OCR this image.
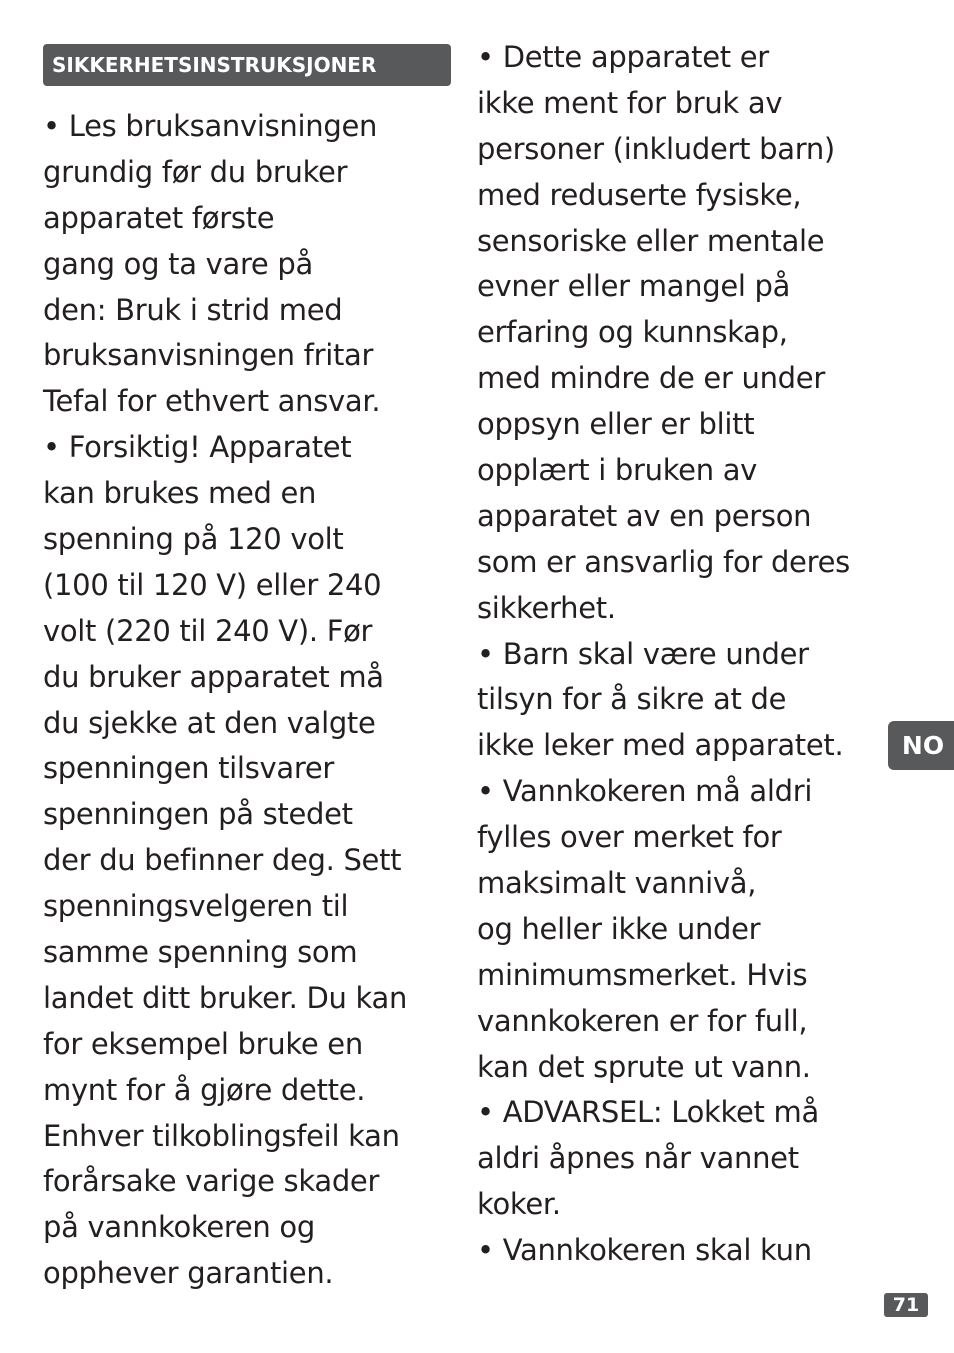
SIKKERHETSINSTRUKSJONER
• Les bruksanvisningen
grundig før du bruker
apparatet første
gang og ta vare på
den: Bruk i strid med
bruksanvisningen fritar
Tefal for ethvert ansvar.
• Forsiktig! Apparatet
kan brukes med en
spenning på 120 volt
(100 til 120 V) eller 240
volt (220 til 240 V). Før
du bruker apparatet må
du sjekke at den valgte
spenningen tilsvarer
spenningen på stedet
der du befinner deg. Sett
spenningsvelgeren til
samme spenning som
landet ditt bruker. Du kan
for eksempel bruke en
mynt for å gjøre dette.
Enhver tilkoblingsfeil kan
forårsake varige skader
på vannkokeren og
opphever garantien.
• Dette apparatet er
ikke ment for bruk av
personer (inkludert barn)
med reduserte fysiske,
sensoriske eller mentale
evner eller mangel på
erfaring og kunnskap,
med mindre de er under
oppsyn eller er blitt
opplært i bruken av
apparatet av en person
som er ansvarlig for deres
sikkerhet.
• Barn skal være under
tilsyn for å sikre at de
ikke leker med apparatet.
• Vannkokeren må aldri
fylles over merket for
maksimalt vannivå,
og heller ikke under
minimumsmerket. Hvis
vannkokeren er for full,
kan det sprute ut vann.
• ADVARSEL: Lokket må
aldri åpnes når vannet
koker.
• Vannkokeren skal kun
NO
71
